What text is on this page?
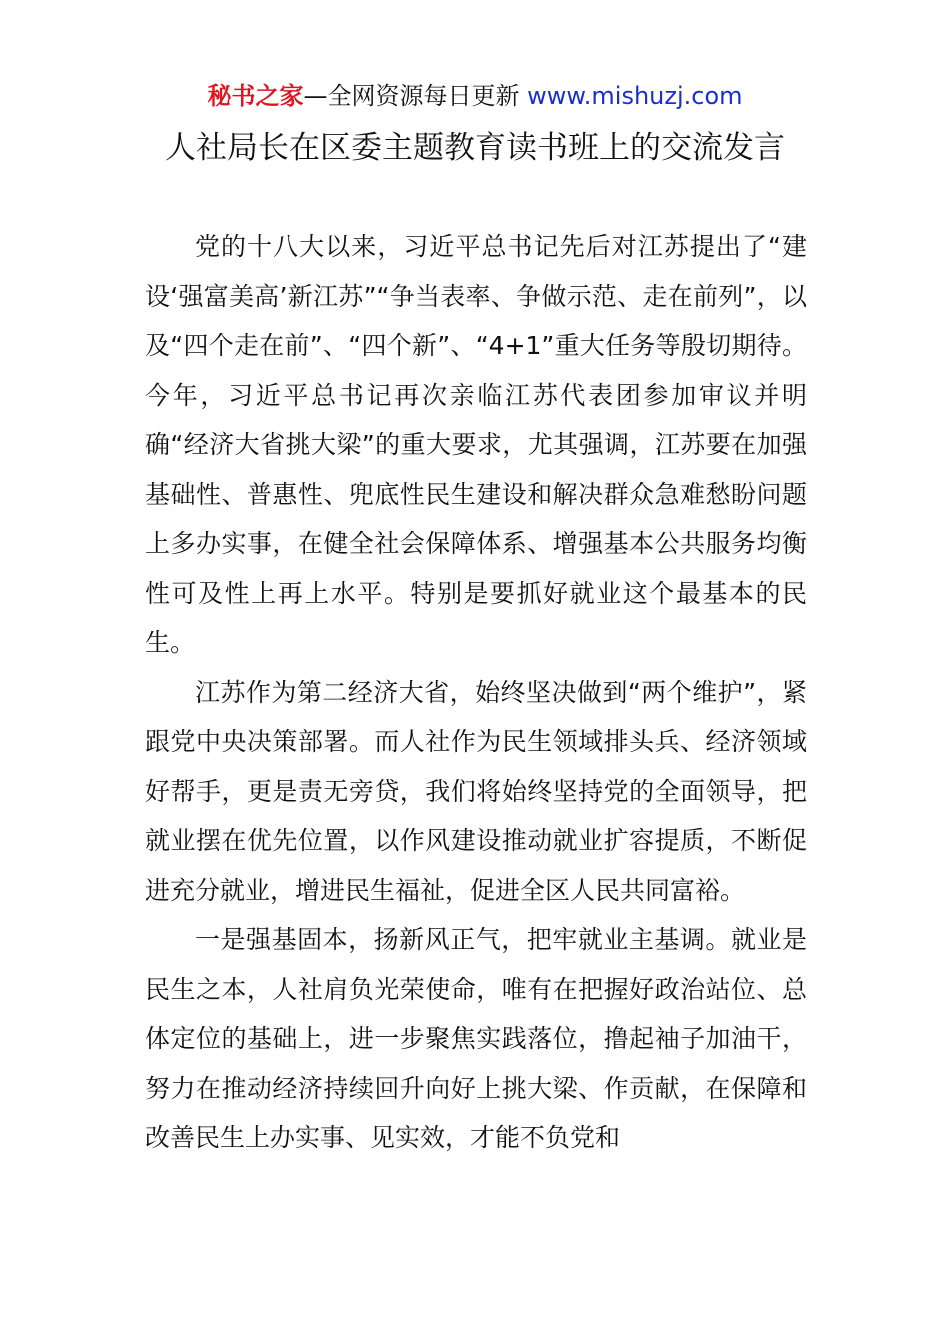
秘书之家—全网资源每日更新 www.mishuzj.com
人社局长在区委主题教育读书班上的交流发言

党的十八大以来，习近平总书记先后对江苏提出了“建设‘强富美高’新江苏”“争当表率、争做示范、走在前列”，以及“四个走在前”、“四个新”、“4+1”重大任务等殷切期待。今年，习近平总书记再次亲临江苏代表团参加审议并明确“经济大省挑大梁”的重大要求，尤其强调，江苏要在加强基础性、普惠性、兜底性民生建设和解决群众急难愁盼问题上多办实事，在健全社会保障体系、增强基本公共服务均衡性可及性上再上水平。特别是要抓好就业这个最基本的民生。

江苏作为第二经济大省，始终坚决做到“两个维护”，紧跟党中央决策部署。而人社作为民生领域排头兵、经济领域好帮手，更是责无旁贷，我们将始终坚持党的全面领导，把就业摆在优先位置，以作风建设推动就业扩容提质，不断促进充分就业，增进民生福祉，促进全区人民共同富裕。

一是强基固本，扬新风正气，把牢就业主基调。就业是民生之本，人社肩负光荣使命，唯有在把握好政治站位、总体定位的基础上，进一步聚焦实践落位，撸起袖子加油干，努力在推动经济持续回升向好上挑大梁、作贡献，在保障和改善民生上办实事、见实效，才能不负党和
